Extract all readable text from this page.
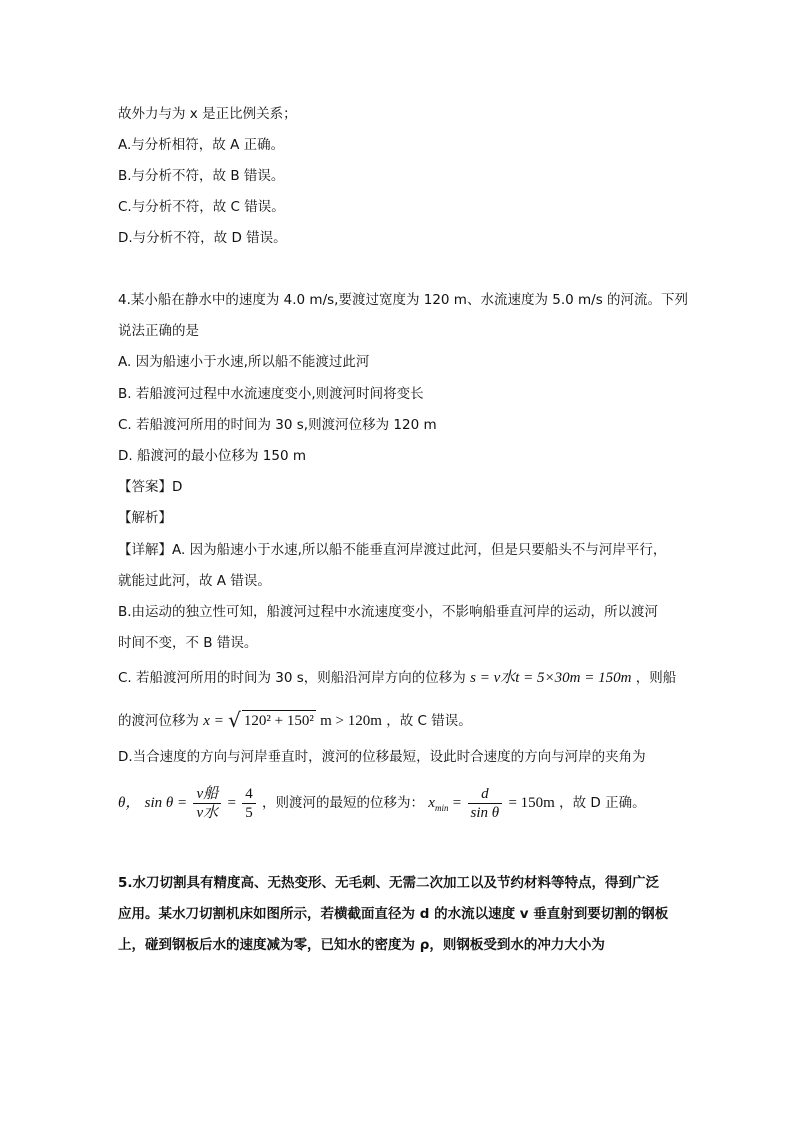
故外力与为 x 是正比例关系；
A.与分析相符，故 A 正确。
B.与分析不符，故 B 错误。
C.与分析不符，故 C 错误。
D.与分析不符，故 D 错误。
4.某小船在静水中的速度为 4.0 m/s,要渡过宽度为 120 m、水流速度为 5.0 m/s 的河流。下列
说法正确的是
A. 因为船速小于水速,所以船不能渡过此河
B. 若船渡河过程中水流速度变小,则渡河时间将变长
C. 若船渡河所用的时间为 30 s,则渡河位移为 120 m
D. 船渡河的最小位移为 150 m
【答案】D
【解析】
【详解】A. 因为船速小于水速,所以船不能垂直河岸渡过此河，但是只要船头不与河岸平行，
就能过此河，故 A 错误。
B.由运动的独立性可知，船渡河过程中水流速度变小，不影响船垂直河岸的运动，所以渡河
时间不变，不 B 错误。
C. 若船渡河所用的时间为 30 s，则船沿河岸方向的位移为 s = v水t = 5×30m = 150m ，则船
的渡河位移为 x = √ 120² + 150² m > 120m ，故 C 错误。
D.当合速度的方向与河岸垂直时，渡河的位移最短，设此时合速度的方向与河岸的夹角为
θ， $\sin \theta = \frac{\text{v船}}{\text{v水}} = \frac{4}{5}$ ，则渡河的最短的位移为： $x_{min} = \frac{d}{\text{sin θ}} = 150m$ ，故 D 正确。
5.水刀切割具有精度高、无热变形、无毛刺、无需二次加工以及节约材料等特点，得到广泛
应用。某水刀切割机床如图所示，若横截面直径为 d 的水流以速度 v 垂直射到要切割的钢板
上，碰到钢板后水的速度减为零，已知水的密度为 ρ，则钢板受到水的冲力大小为
